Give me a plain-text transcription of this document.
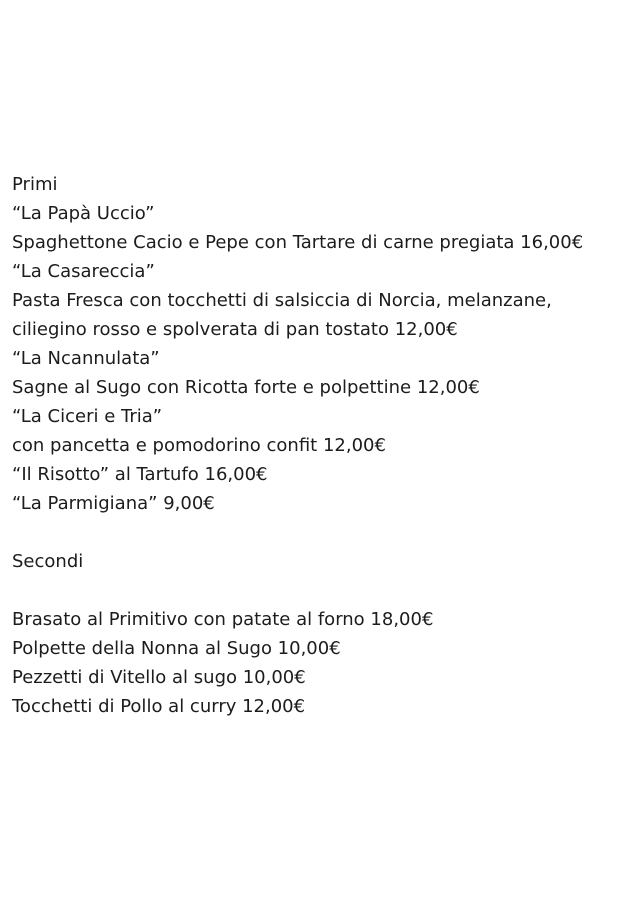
Primi
“La Papà Uccio”
Spaghettone Cacio e Pepe con Tartare di carne pregiata 16,00€
“La Casareccia”
Pasta Fresca con tocchetti di salsiccia di Norcia, melanzane,
ciliegino rosso e spolverata di pan tostato 12,00€
“La Ncannulata”
Sagne al Sugo con Ricotta forte e polpettine 12,00€
“La Ciceri e Tria”
con pancetta e pomodorino confit 12,00€
“Il Risotto” al Tartufo 16,00€
“La Parmigiana” 9,00€
Secondi
Brasato al Primitivo con patate al forno 18,00€
Polpette della Nonna al Sugo 10,00€
Pezzetti di Vitello al sugo 10,00€
Tocchetti di Pollo al curry 12,00€
